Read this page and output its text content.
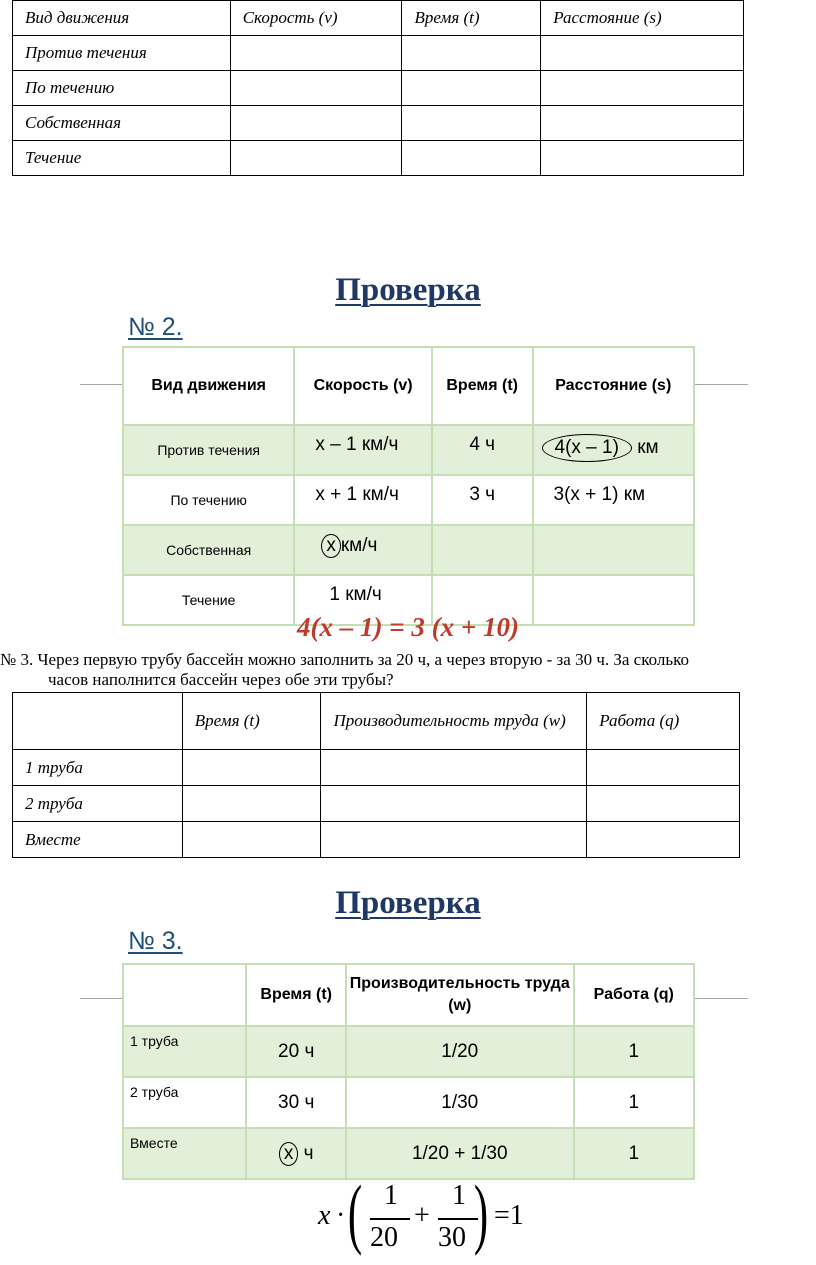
Вид движения	Скорость (v)	Время (t)	Расстояние (s)
Против течения			
По течению			
Собственная			
Течение			
Проверка
№ 2.
Вид движения	Скорость (v)	Время (t)	Расстояние (s)
Против течения	х – 1 км/ч	4 ч	4(х – 1) км
По течению	х + 1 км/ч	3 ч	3(х + 1) км
Собственная	х км/ч		
Течение	1 км/ч		
4(x – 1) = 3 (x + 10)
№ 3. Через первую трубу бассейн можно заполнить за 20 ч, а через вторую - за 30 ч. За сколько
часов наполнится бассейн через обе эти трубы?
	Время (t)	Производительность труда (w)	Работа (q)
1 труба			
2 труба			
Вместе			
Проверка
№ 3.
	Время (t)	Производительность труда (w)	Работа (q)
1 труба	20 ч	1/20	1
2 труба	30 ч	1/30	1
Вместе	х ч	1/20 + 1/30	1
x · ( 1
20
+
1
30 ) =1
